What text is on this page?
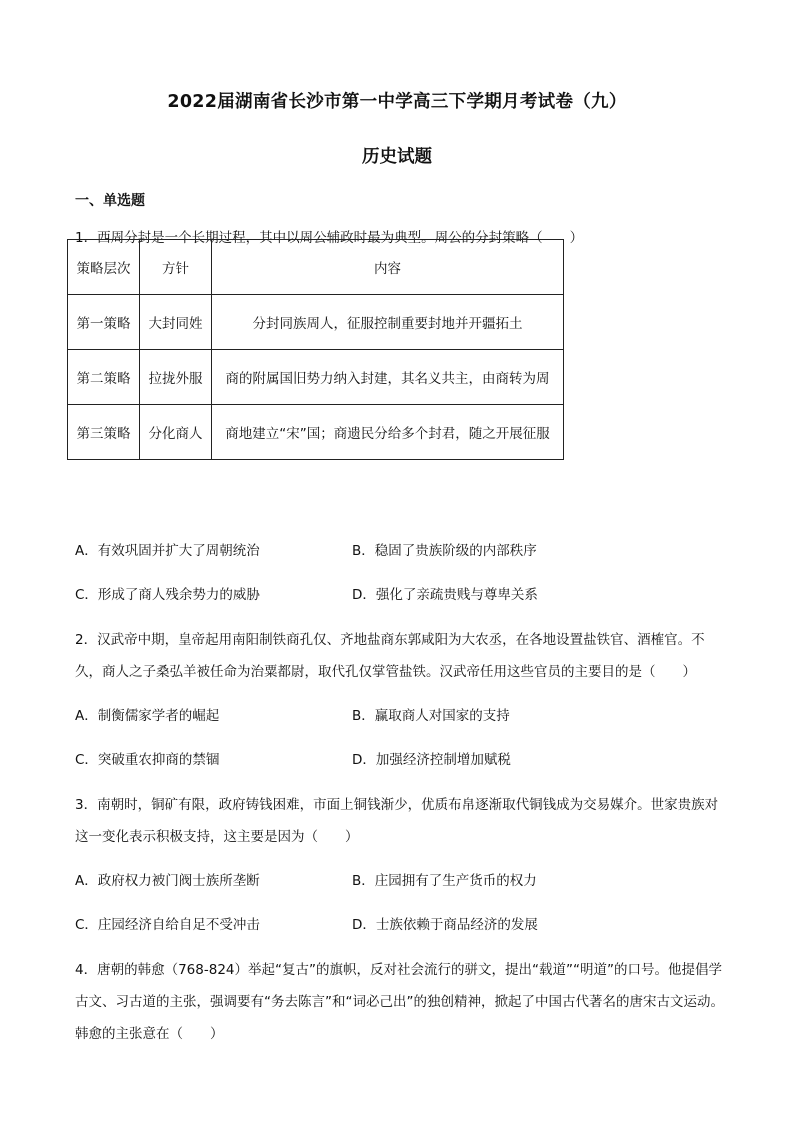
2022届湖南省长沙市第一中学高三下学期月考试卷（九）
历史试题
一、单选题
1．西周分封是一个长期过程，其中以周公辅政时最为典型。周公的分封策略（　　）
策略层次	方针	内容
第一策略	大封同姓	分封同族周人，征服控制重要封地并开疆拓土
第二策略	拉拢外服	商的附属国旧势力纳入封建，其名义共主，由商转为周
第三策略	分化商人	商地建立“宋”国；商遗民分给多个封君，随之开展征服
A．有效巩固并扩大了周朝统治	B．稳固了贵族阶级的内部秩序
C．形成了商人残余势力的威胁	D．强化了亲疏贵贱与尊卑关系
2．汉武帝中期，皇帝起用南阳制铁商孔仅、齐地盐商东郭咸阳为大农丞，在各地设置盐铁官、酒榷官。不久，商人之子桑弘羊被任命为治粟都尉，取代孔仅掌管盐铁。汉武帝任用这些官员的主要目的是（　　）
A．制衡儒家学者的崛起	B．赢取商人对国家的支持
C．突破重农抑商的禁锢	D．加强经济控制增加赋税
3．南朝时，铜矿有限，政府铸钱困难，市面上铜钱渐少，优质布帛逐渐取代铜钱成为交易媒介。世家贵族对这一变化表示积极支持，这主要是因为（　　）
A．政府权力被门阀士族所垄断	B．庄园拥有了生产货币的权力
C．庄园经济自给自足不受冲击	D．士族依赖于商品经济的发展
4．唐朝的韩愈（768-824）举起“复古”的旗帜，反对社会流行的骈文，提出“载道”“明道”的口号。他提倡学古文、习古道的主张，强调要有“务去陈言”和“词必己出”的独创精神，掀起了中国古代著名的唐宋古文运动。韩愈的主张意在（　　）
